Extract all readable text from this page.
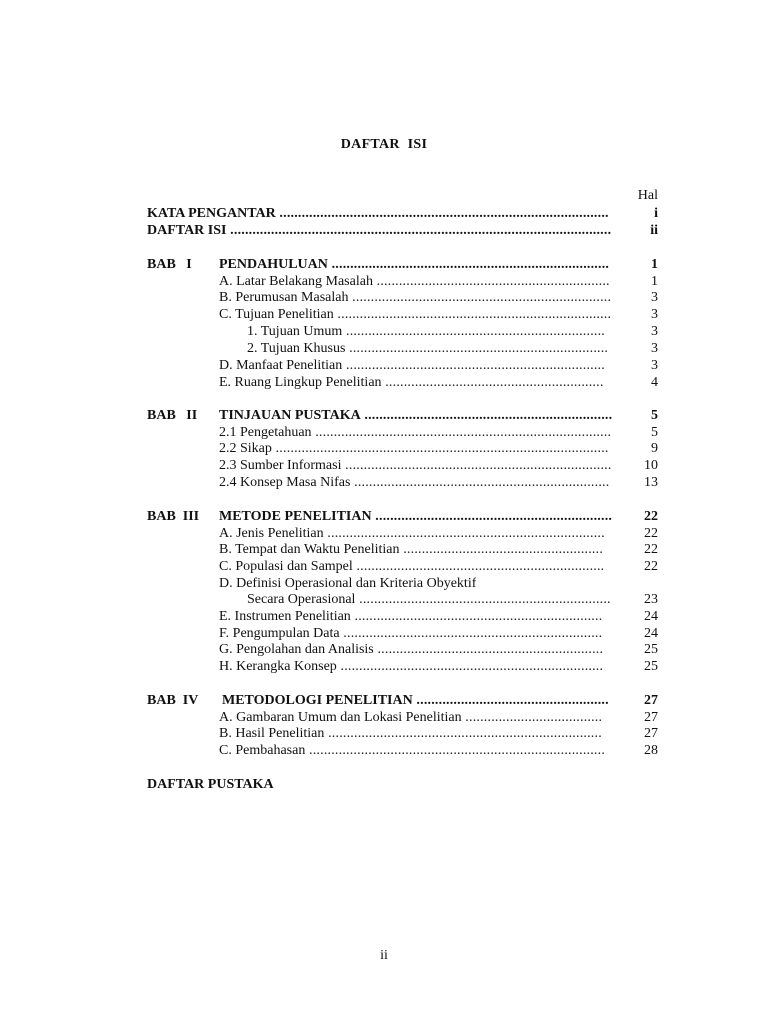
DAFTAR ISI
Hal
KATA PENGANTAR .........................................................................................	i
DAFTAR ISI .......................................................................................................	ii
BAB   I	PENDAHULUAN ...........................................................................	1
A. Latar Belakang Masalah ...............................................................	1
B. Perumusan Masalah ......................................................................	3
C. Tujuan Penelitian ..........................................................................	3
1. Tujuan Umum ......................................................................	3
2. Tujuan Khusus ......................................................................	3
D. Manfaat Penelitian ......................................................................	3
E. Ruang Lingkup Penelitian ...........................................................	4
BAB   II	TINJAUAN PUSTAKA ...................................................................	5
2.1 Pengetahuan ................................................................................	5
2.2 Sikap ..........................................................................................	9
2.3 Sumber Informasi ........................................................................	10
2.4 Konsep Masa Nifas .....................................................................	13
BAB  III	METODE PENELITIAN ................................................................	22
A. Jenis Penelitian ...........................................................................	22
B. Tempat dan Waktu Penelitian ......................................................	22
C. Populasi dan Sampel ...................................................................	22
D. Definisi Operasional dan Kriteria Obyektif
Secara Operasional ....................................................................	23
E. Instrumen Penelitian ...................................................................	24
F. Pengumpulan Data ......................................................................	24
G. Pengolahan dan Analisis .............................................................	25
H. Kerangka Konsep .......................................................................	25
BAB  IV	METODOLOGI PENELITIAN ....................................................	27
A. Gambaran Umum dan Lokasi Penelitian .....................................	27
B. Hasil Penelitian ..........................................................................	27
C. Pembahasan ................................................................................	28
DAFTAR PUSTAKA
ii
